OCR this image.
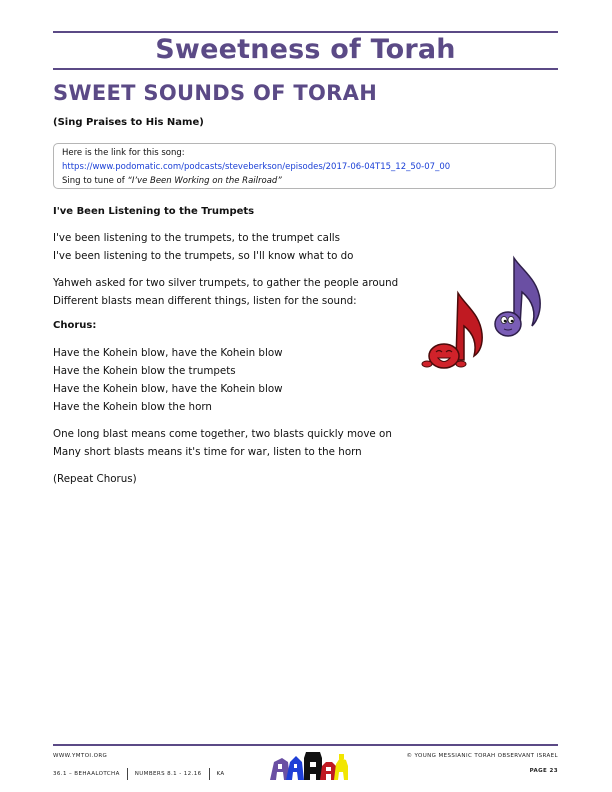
Sweetness of Torah
SWEET SOUNDS OF TORAH
(Sing Praises to His Name)
Here is the link for this song:
https://www.podomatic.com/podcasts/steveberkson/episodes/2017-06-04T15_12_50-07_00
Sing to tune of “I’ve Been Working on the Railroad”
I've Been Listening to the Trumpets
I've been listening to the trumpets, to the trumpet calls
I've been listening to the trumpets, so I'll know what to do
Yahweh asked for two silver trumpets, to gather the people around
Different blasts mean different things, listen for the sound:
Chorus:
Have the Kohein blow, have the Kohein blow
Have the Kohein blow the trumpets
Have the Kohein blow, have the Kohein blow
Have the Kohein blow the horn
One long blast means come together, two blasts quickly move on
Many short blasts means it's time for war, listen to the horn
(Repeat Chorus)
WWW.YMTOI.ORG
36.1 – BEHAALOTCHA	NUMBERS 8.1 - 12.16	KA
© YOUNG MESSIANIC TORAH OBSERVANT ISRAEL
PAGE 23
